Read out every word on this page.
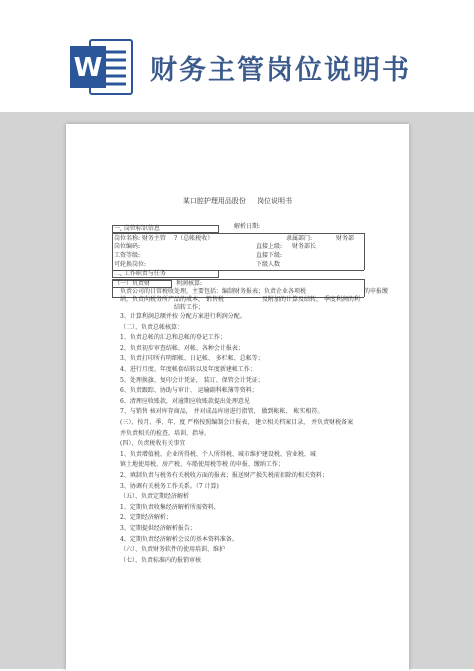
W 财务主管岗位说明书
某口腔护理用品股份 岗位说明书
解析日期:
一, 岗位标识信息
岗位名称: 财务主管 ?（总帐税收）	隶属部门:	财务部
岗位编码:	直接上级: 财务部长
工资等级:	直接下级:
可轮换岗位:	下级人数
二, 工作职责与任务
（一）负责财	利润核算:
负责公司的日常税收处理，主要包括：编制财务报表；负责企业各项税	的申报缴
纳，负责向税务所产品的成本， 销售税	及附加的计算及结转， 季度利润的利
结转工作；
3、计算利润总额并按 分配方案进行利润分配。
（二）、负责总帐核算：
1、负责总帐的汇总和总帐的登记工作；
2、负责初步审查结帐、对帐、各种会计报表；
3、负责打印所有明细帐、日记帐、 多栏帐、总帐等；
4、进行月度、年度帐套结转以及年度新建帐工作；
5、处理换旗、复印会计凭证， 装订、保管会计凭证；
6、负责跟踪、协助与审计、 运输副科帐簿等资料；
6、清理应收账款，对逾期应收账款提出处理意见
7、与销售 核对库存商品， 并对成品库房进行指管， 做到帐帐、 帐实相符。
(三）、按月、季、年、度 严格按照编制会计报表， 建立相关档案目录， 并负责财税备案
并负责相关的检查，培训、指导。
(四）、负责税收有关事宜
1、负责增值税、企业所得税、个人所得税、城市维护建设税、营业税、城
镇土地使用税、房产税、车船使用税等税 的申报、缴纳工作；
2、填制负责与税务有关税收方面的报表；报送财产损失税前扣除的相关资料；
3、协调有关税务工作关系。（7 计算)
（五）、负责定期经济解析
1、定期负责收集经济解析所需资料，
2、定期经济解析；
3、定期提供经济解析报告；
4、定期负责经济解析会议的基本资料准备。
（六）、负责财务软件的使用培训、维护
（七）、负责标准内的报销审核
